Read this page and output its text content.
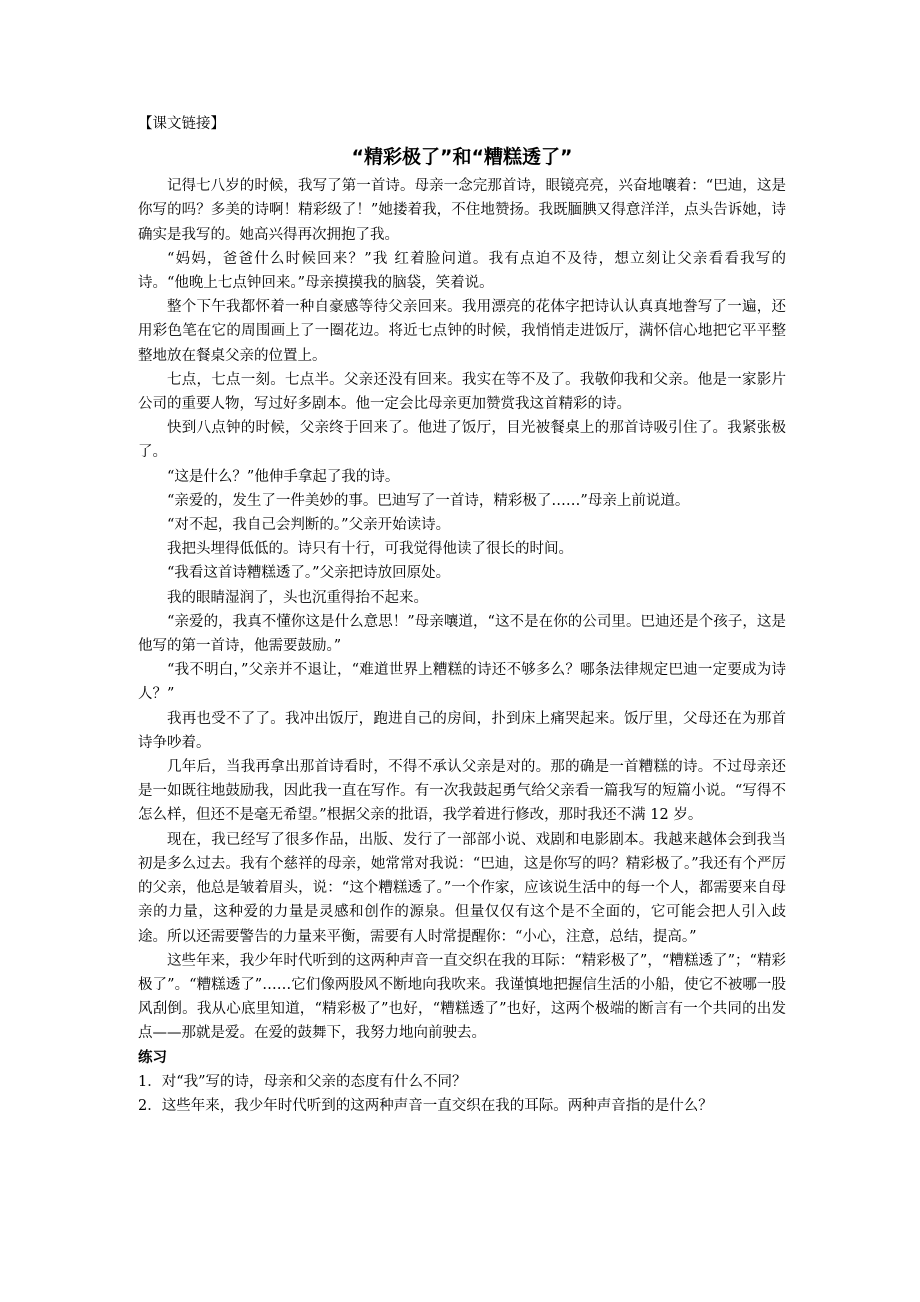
【课文链接】

“精彩极了”和“糟糕透了”

记得七八岁的时候，我写了第一首诗。母亲一念完那首诗，眼镜亮亮，兴奋地嚷着：“巴迪，这是你写的吗？多美的诗啊！精彩级了！”她搂着我，不住地赞扬。我既腼腆又得意洋洋，点头告诉她，诗确实是我写的。她高兴得再次拥抱了我。

“妈妈，爸爸什么时候回来？”我 红着脸问道。我有点迫不及待，想立刻让父亲看看我写的诗。“他晚上七点钟回来。”母亲摸摸我的脑袋，笑着说。

整个下午我都怀着一种自豪感等待父亲回来。我用漂亮的花体字把诗认认真真地誊写了一遍，还用彩色笔在它的周围画上了一圈花边。将近七点钟的时候，我悄悄走进饭厅，满怀信心地把它平平整整地放在餐桌父亲的位置上。

七点，七点一刻。七点半。父亲还没有回来。我实在等不及了。我敬仰我和父亲。他是一家影片公司的重要人物，写过好多剧本。他一定会比母亲更加赞赏我这首精彩的诗。

快到八点钟的时候，父亲终于回来了。他进了饭厅，目光被餐桌上的那首诗吸引住了。我紧张极了。

“这是什么？”他伸手拿起了我的诗。

“亲爱的，发生了一件美妙的事。巴迪写了一首诗，精彩极了……”母亲上前说道。

“对不起，我自己会判断的。”父亲开始读诗。

我把头埋得低低的。诗只有十行，可我觉得他读了很长的时间。

“我看这首诗糟糕透了。”父亲把诗放回原处。

我的眼睛湿润了，头也沉重得抬不起来。

“亲爱的，我真不懂你这是什么意思！”母亲嚷道，“这不是在你的公司里。巴迪还是个孩子，这是他写的第一首诗，他需要鼓励。”

“我不明白，”父亲并不退让，“难道世界上糟糕的诗还不够多么？哪条法律规定巴迪一定要成为诗人？”

我再也受不了了。我冲出饭厅，跑进自己的房间，扑到床上痛哭起来。饭厅里，父母还在为那首诗争吵着。

几年后，当我再拿出那首诗看时，不得不承认父亲是对的。那的确是一首糟糕的诗。不过母亲还是一如既往地鼓励我，因此我一直在写作。有一次我鼓起勇气给父亲看一篇我写的短篇小说。“写得不怎么样，但还不是毫无希望。”根据父亲的批语，我学着进行修改，那时我还不满 12 岁。

现在，我已经写了很多作品，出版、发行了一部部小说、戏剧和电影剧本。我越来越体会到我当初是多么过去。我有个慈祥的母亲，她常常对我说：“巴迪，这是你写的吗？精彩极了。”我还有个严厉的父亲，他总是皱着眉头，说：“这个糟糕透了。”一个作家，应该说生活中的每一个人，都需要来自母亲的力量，这种爱的力量是灵感和创作的源泉。但量仅仅有这个是不全面的，它可能会把人引入歧途。所以还需要警告的力量来平衡，需要有人时常提醒你：“小心，注意，总结，提高。”

这些年来，我少年时代听到的这两种声音一直交织在我的耳际：“精彩极了”，“糟糕透了”；“精彩极了”。“糟糕透了”……它们像两股风不断地向我吹来。我谨慎地把握信生活的小船，使它不被哪一股风刮倒。我从心底里知道，“精彩极了”也好，“糟糕透了”也好，这两个极端的断言有一个共同的出发点——那就是爱。在爱的鼓舞下，我努力地向前驶去。

练习

1．对“我”写的诗，母亲和父亲的态度有什么不同？

2．这些年来，我少年时代听到的这两种声音一直交织在我的耳际。两种声音指的是什么？
